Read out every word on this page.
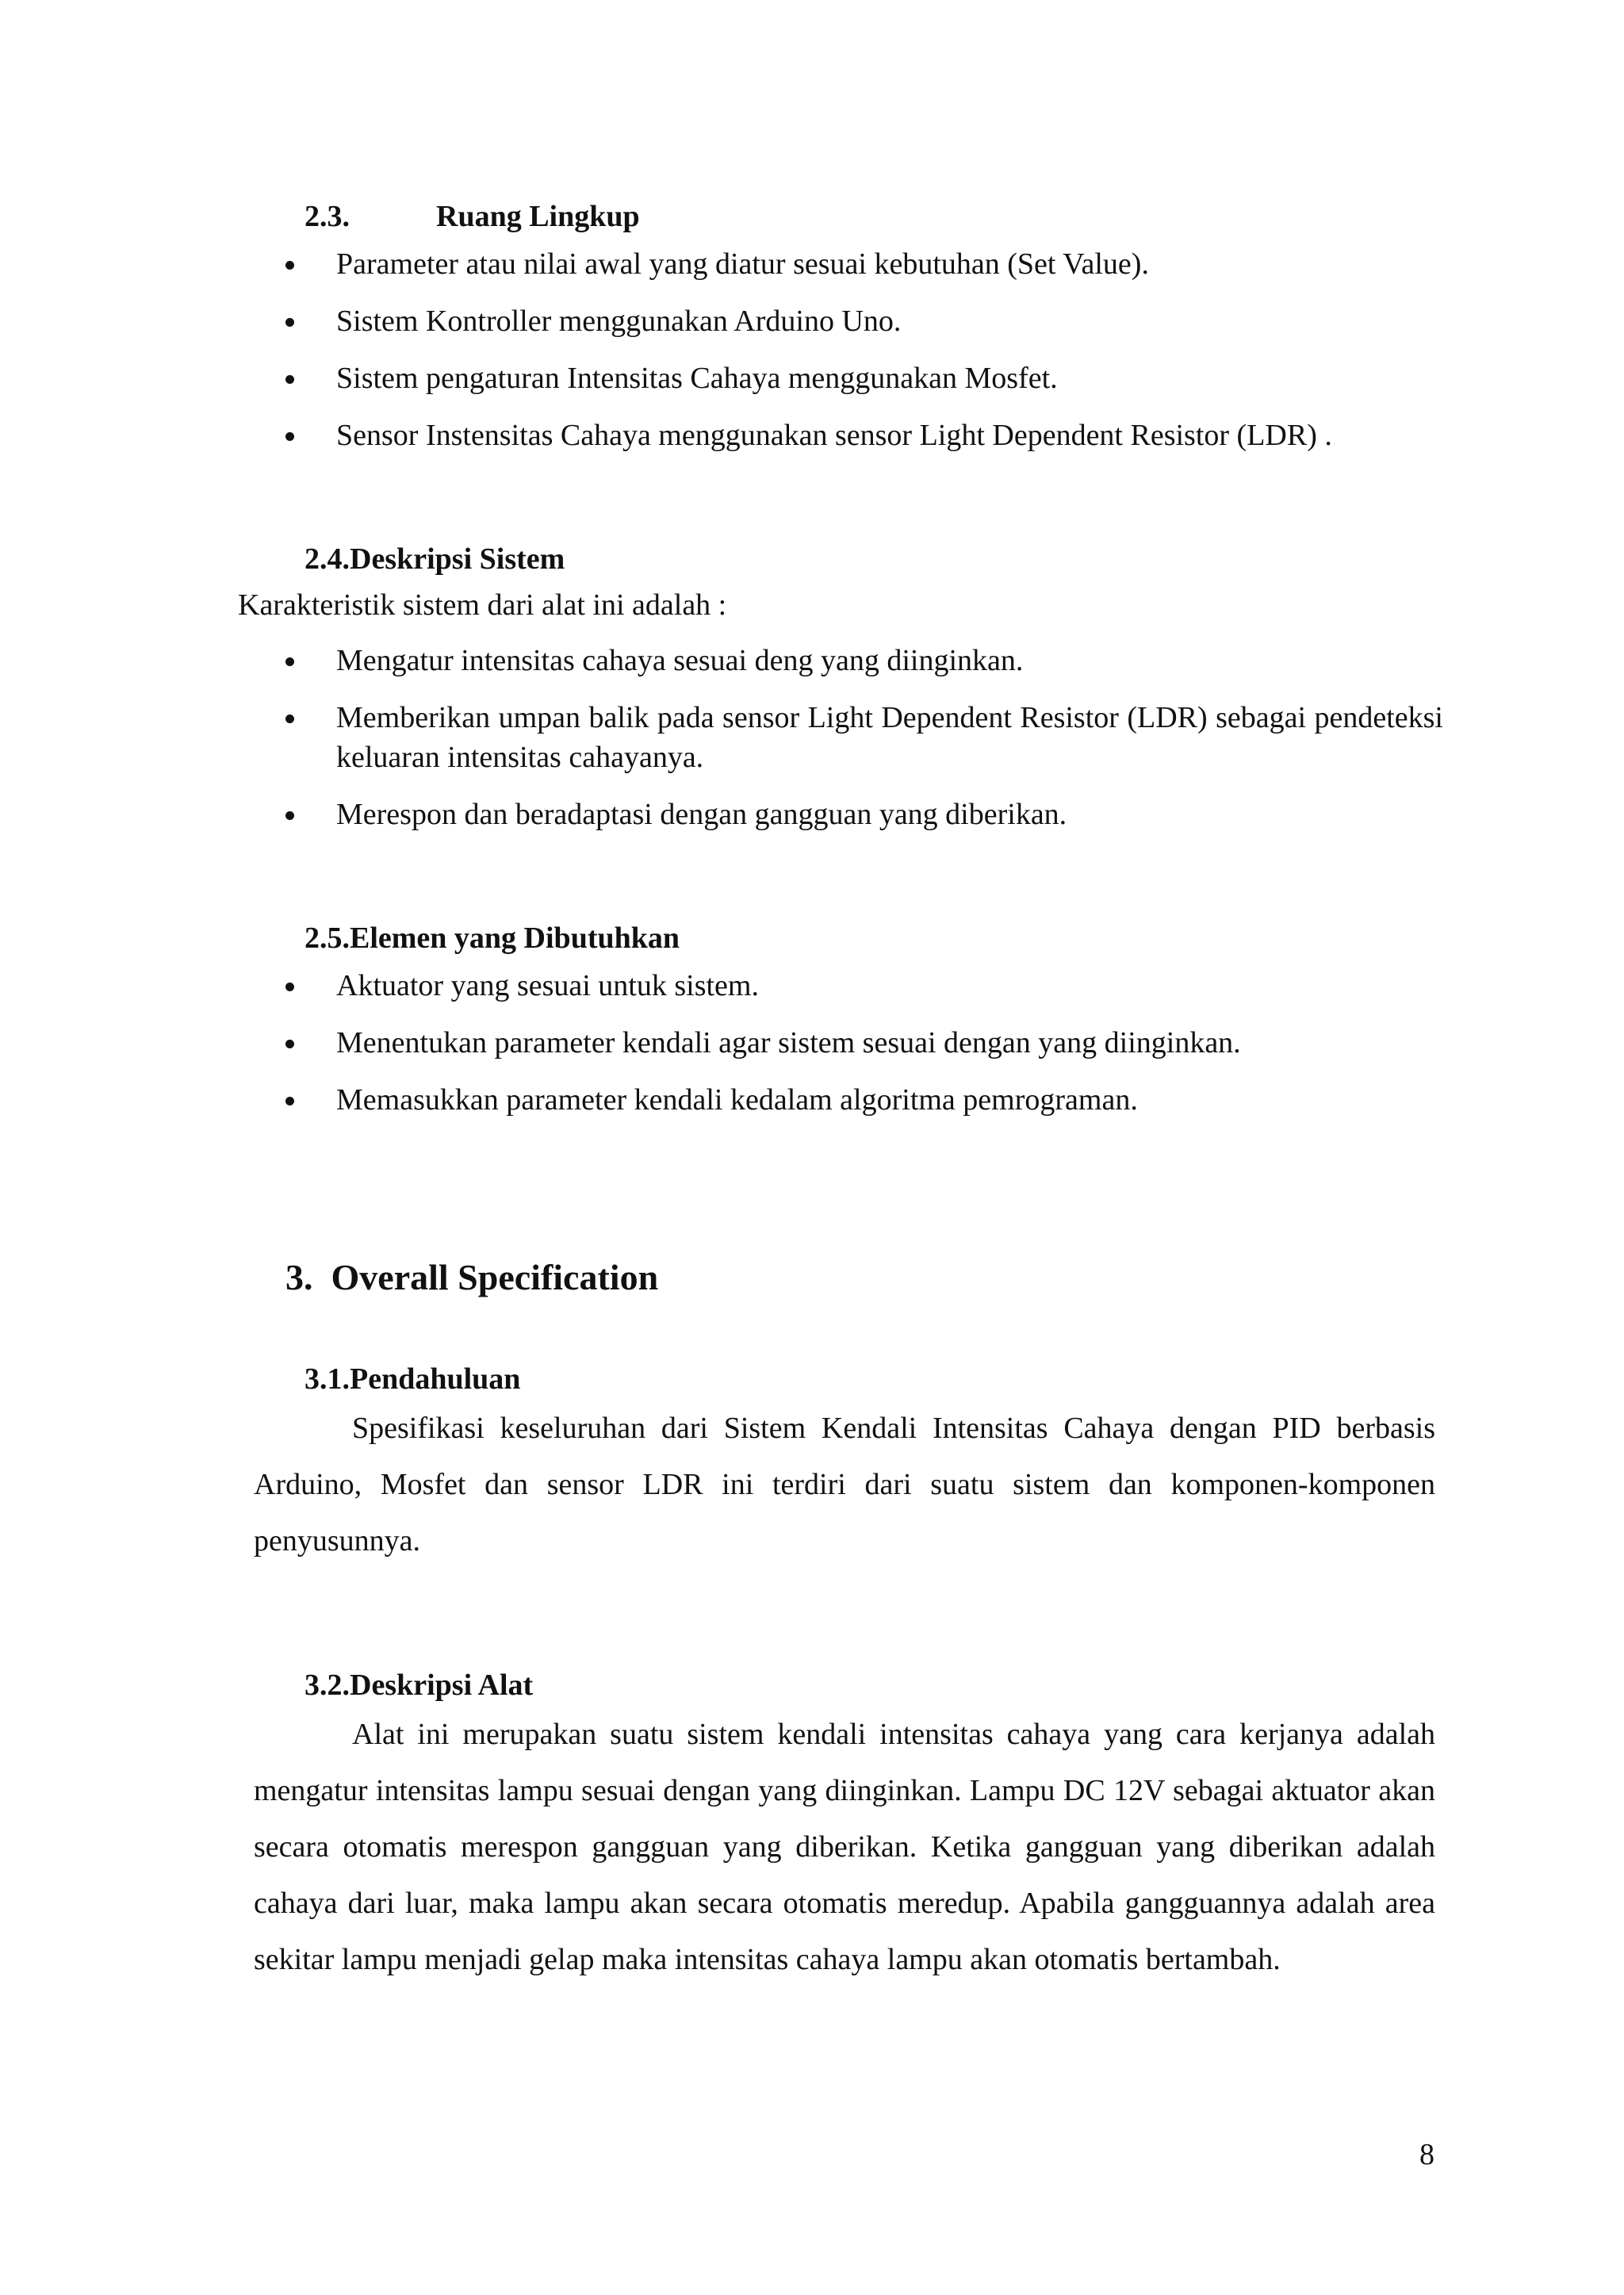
2.3.	Ruang Lingkup
Parameter atau nilai awal yang diatur sesuai kebutuhan (Set Value).
Sistem Kontroller menggunakan Arduino Uno.
Sistem pengaturan Intensitas Cahaya menggunakan Mosfet.
Sensor Instensitas Cahaya menggunakan sensor Light Dependent Resistor (LDR) .
2.4.Deskripsi Sistem
Karakteristik sistem dari alat ini adalah :
Mengatur intensitas cahaya sesuai deng yang diinginkan.
Memberikan umpan balik pada sensor Light Dependent Resistor (LDR) sebagai pendeteksi keluaran intensitas cahayanya.
Merespon dan beradaptasi dengan gangguan yang diberikan.
2.5.Elemen yang Dibutuhkan
Aktuator yang sesuai untuk sistem.
Menentukan parameter kendali agar sistem sesuai dengan yang diinginkan.
Memasukkan parameter kendali kedalam algoritma pemrograman.
3.  Overall Specification
3.1.Pendahuluan

Spesifikasi keseluruhan dari Sistem Kendali Intensitas Cahaya dengan PID berbasis Arduino, Mosfet dan sensor LDR ini terdiri dari suatu sistem dan komponen-komponen penyusunnya.

3.2.Deskripsi Alat

Alat ini merupakan suatu sistem kendali intensitas cahaya yang cara kerjanya adalah mengatur intensitas lampu sesuai dengan yang diinginkan. Lampu DC 12V sebagai aktuator akan secara otomatis merespon gangguan yang diberikan. Ketika gangguan yang diberikan adalah cahaya dari luar, maka lampu akan secara otomatis meredup. Apabila gangguannya adalah area sekitar lampu menjadi gelap maka intensitas cahaya lampu akan otomatis bertambah.

8
